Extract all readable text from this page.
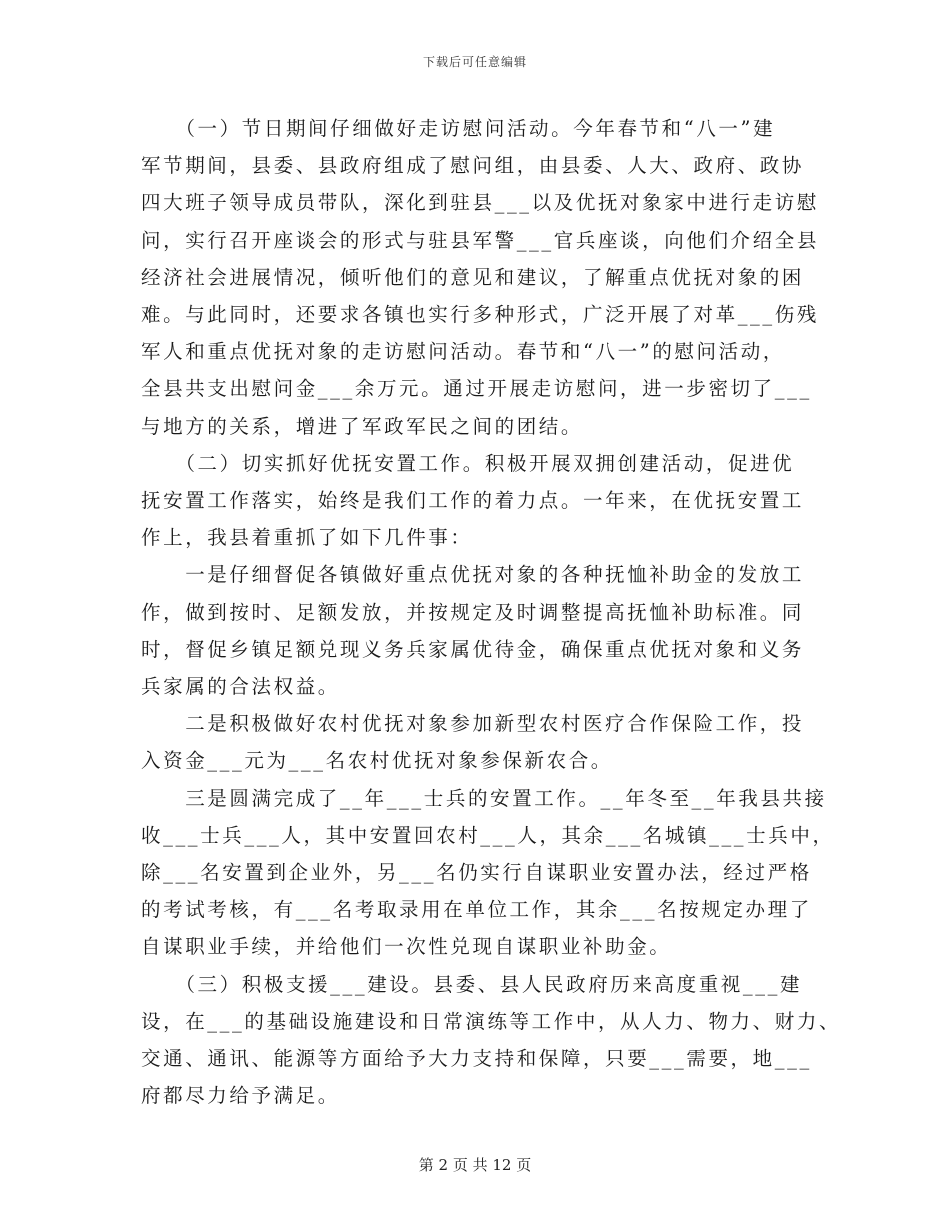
下载后可任意编辑
　　（一）节日期间仔细做好走访慰问活动。今年春节和“八一”建
军节期间，县委、县政府组成了慰问组，由县委、人大、政府、政协
四大班子领导成员带队，深化到驻县___以及优抚对象家中进行走访慰
问，实行召开座谈会的形式与驻县军警___官兵座谈，向他们介绍全县
经济社会进展情况，倾听他们的意见和建议，了解重点优抚对象的困
难。与此同时，还要求各镇也实行多种形式，广泛开展了对革___伤残
军人和重点优抚对象的走访慰问活动。春节和“八一”的慰问活动，
全县共支出慰问金___余万元。通过开展走访慰问，进一步密切了___
与地方的关系，增进了军政军民之间的团结。
　　（二）切实抓好优抚安置工作。积极开展双拥创建活动，促进优
抚安置工作落实，始终是我们工作的着力点。一年来，在优抚安置工
作上，我县着重抓了如下几件事：
　　一是仔细督促各镇做好重点优抚对象的各种抚恤补助金的发放工
作，做到按时、足额发放，并按规定及时调整提高抚恤补助标准。同
时，督促乡镇足额兑现义务兵家属优待金，确保重点优抚对象和义务
兵家属的合法权益。
　　二是积极做好农村优抚对象参加新型农村医疗合作保险工作，投
入资金___元为___名农村优抚对象参保新农合。
　　三是圆满完成了__年___士兵的安置工作。__年冬至__年我县共接
收___士兵___人，其中安置回农村___人，其余___名城镇___士兵中，
除___名安置到企业外，另___名仍实行自谋职业安置办法，经过严格
的考试考核，有___名考取录用在单位工作，其余___名按规定办理了
自谋职业手续，并给他们一次性兑现自谋职业补助金。
　　（三）积极支援___建设。县委、县人民政府历来高度重视___建
设，在___的基础设施建设和日常演练等工作中，从人力、物力、财力、
交通、通讯、能源等方面给予大力支持和保障，只要___需要，地___
府都尽力给予满足。
第 2 页 共 12 页
